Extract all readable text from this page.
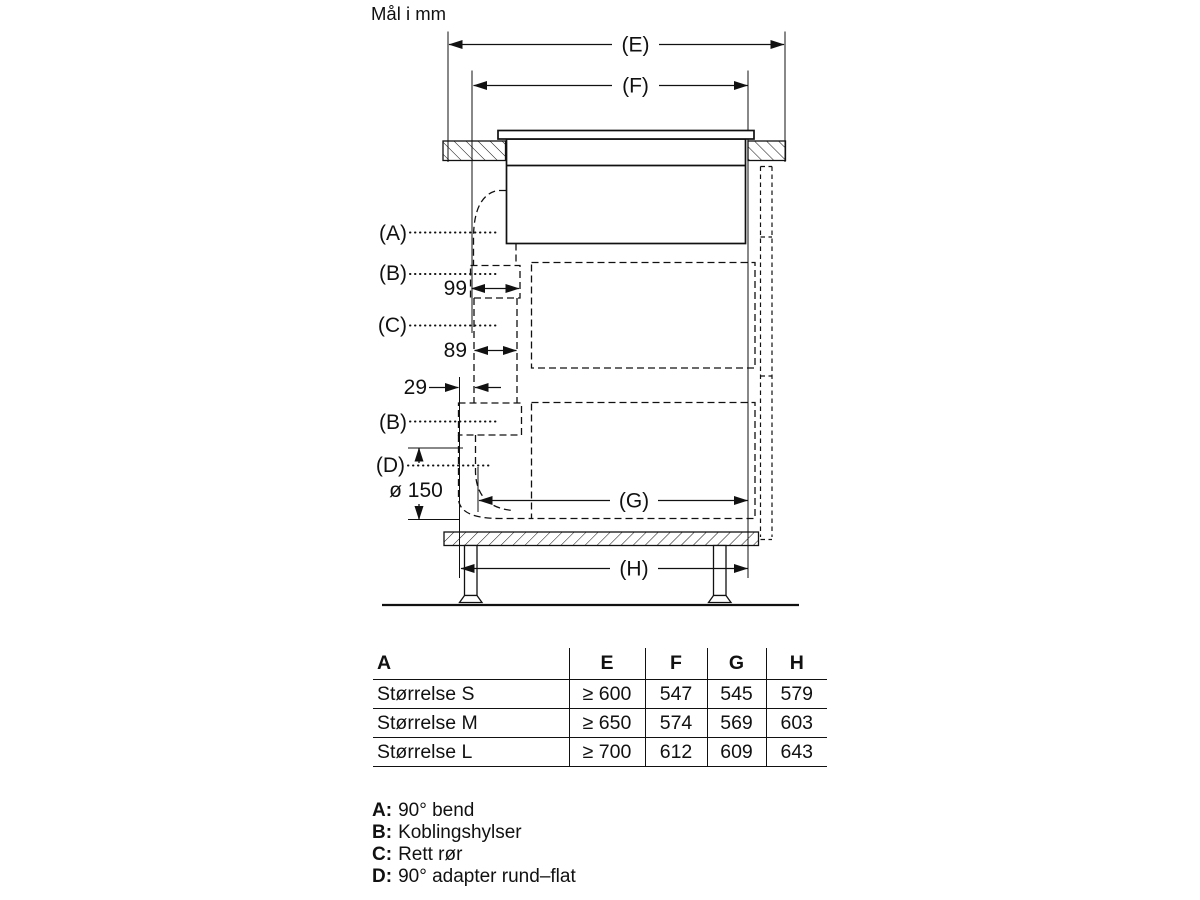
Mål i mm
(E)
(F)
(A)
(B)
99
(C)
89
29
(B)
(D)
ø 150	(G)
(H)
A	E	F	G	H
Størrelse S	≥ 600	547	545	579
Størrelse M	≥ 650	574	569	603
Størrelse L	≥ 700	612	609	643
A: 90° bend
B: Koblingshylser
C: Rett rør
D: 90° adapter rund–flat
